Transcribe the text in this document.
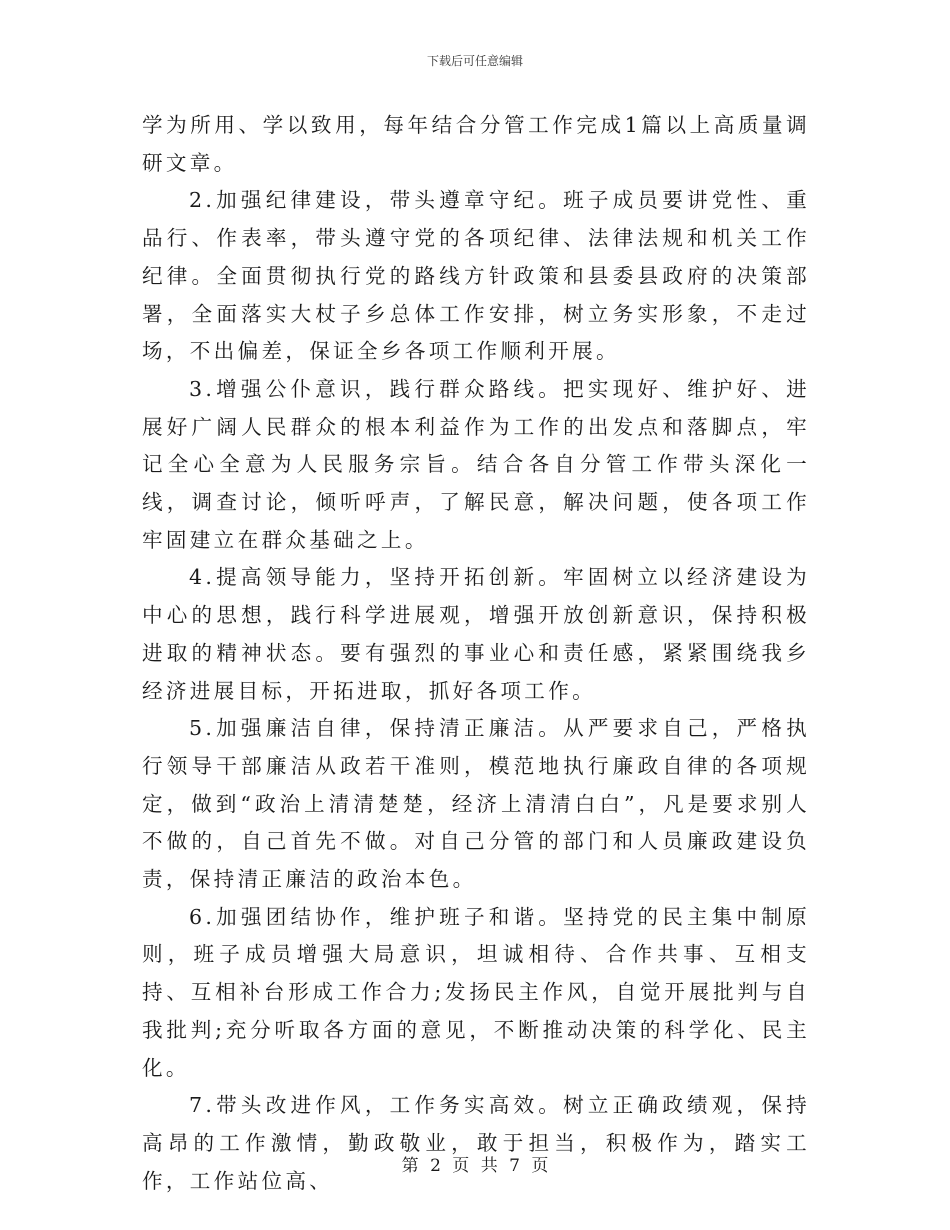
下载后可任意编辑

学为所用、学以致用，每年结合分管工作完成1篇以上高质量调研文章。

2.加强纪律建设，带头遵章守纪。班子成员要讲党性、重品行、作表率，带头遵守党的各项纪律、法律法规和机关工作纪律。全面贯彻执行党的路线方针政策和县委县政府的决策部署，全面落实大杖子乡总体工作安排，树立务实形象，不走过场，不出偏差，保证全乡各项工作顺利开展。

3.增强公仆意识，践行群众路线。把实现好、维护好、进展好广阔人民群众的根本利益作为工作的出发点和落脚点，牢记全心全意为人民服务宗旨。结合各自分管工作带头深化一线，调查讨论，倾听呼声，了解民意，解决问题，使各项工作牢固建立在群众基础之上。

4.提高领导能力，坚持开拓创新。牢固树立以经济建设为中心的思想，践行科学进展观，增强开放创新意识，保持积极进取的精神状态。要有强烈的事业心和责任感，紧紧围绕我乡经济进展目标，开拓进取，抓好各项工作。

5.加强廉洁自律，保持清正廉洁。从严要求自己，严格执行领导干部廉洁从政若干准则，模范地执行廉政自律的各项规定，做到“政治上清清楚楚，经济上清清白白”，凡是要求别人不做的，自己首先不做。对自己分管的部门和人员廉政建设负责，保持清正廉洁的政治本色。

6.加强团结协作，维护班子和谐。坚持党的民主集中制原则，班子成员增强大局意识，坦诚相待、合作共事、互相支持、互相补台形成工作合力;发扬民主作风，自觉开展批判与自我批判;充分听取各方面的意见，不断推动决策的科学化、民主化。

7.带头改进作风，工作务实高效。树立正确政绩观，保持高昂的工作激情，勤政敬业，敢于担当，积极作为，踏实工作，工作站位高、

第 2 页 共 7 页
